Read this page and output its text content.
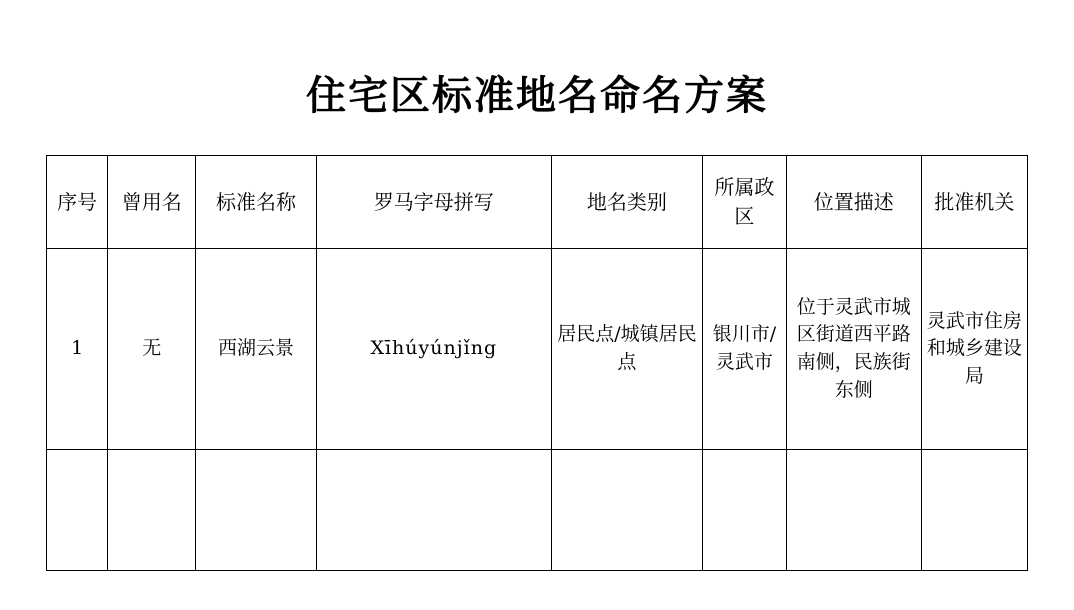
住宅区标准地名命名方案
序号	曾用名	标准名称	罗马字母拼写	地名类别	所属政区	位置描述	批准机关
1	无	西湖云景	Xīhúyúnjǐng	居民点/城镇居民点	银川市/灵武市	位于灵武市城区街道西平路南侧，民族街东侧	灵武市住房和城乡建设局
